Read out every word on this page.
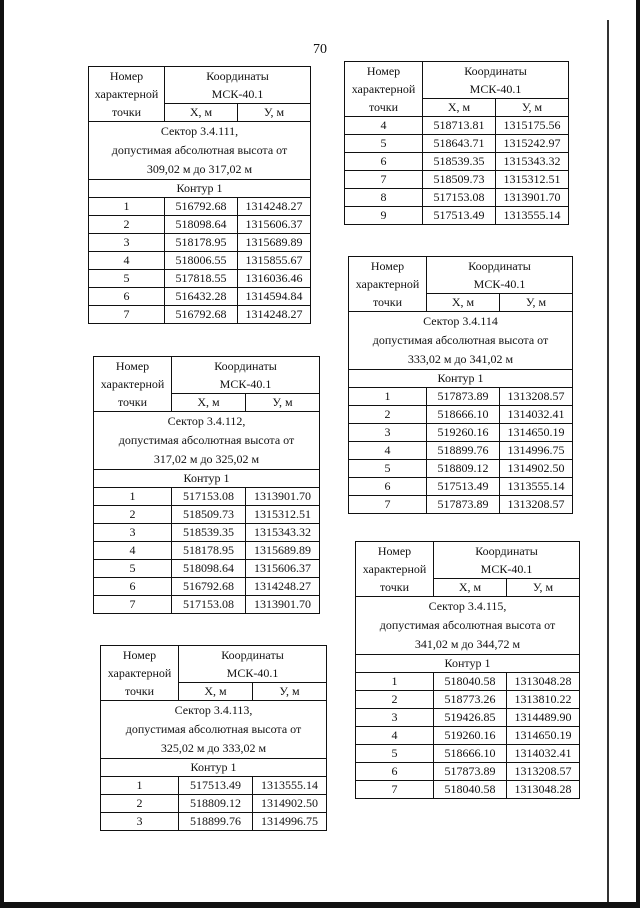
70
Номер
характерной
точки	Координаты
МСК-40.1	

	X, м	У, м

Сектор 3.4.111,
допустимая абсолютная высота от
309,02 м до 317,02 м		

Контур 1		
1	516792.68	1314248.27
2	518098.64	1315606.37
3	518178.95	1315689.89
4	518006.55	1315855.67
5	517818.55	1316036.46
6	516432.28	1314594.84
7	516792.68	1314248.27
Номер
характерной
точки	Координаты
МСК-40.1	

	X, м	У, м

Сектор 3.4.112,
допустимая абсолютная высота от
317,02 м до 325,02 м		

Контур 1		
1	517153.08	1313901.70
2	518509.73	1315312.51
3	518539.35	1315343.32
4	518178.95	1315689.89
5	518098.64	1315606.37
6	516792.68	1314248.27
7	517153.08	1313901.70
Номер
характерной
точки	Координаты
МСК-40.1	

	X, м	У, м

Сектор 3.4.113,
допустимая абсолютная высота от
325,02 м до 333,02 м		

Контур 1		
1	517513.49	1313555.14
2	518809.12	1314902.50
3	518899.76	1314996.75
Номер
характерной
точки	Координаты
МСК-40.1	

	X, м	У, м
4	518713.81	1315175.56
5	518643.71	1315242.97
6	518539.35	1315343.32
7	518509.73	1315312.51
8	517153.08	1313901.70
9	517513.49	1313555.14
Номер
характерной
точки	Координаты
МСК-40.1	

	X, м	У, м

Сектор 3.4.114
допустимая абсолютная высота от
333,02 м до 341,02 м		

Контур 1		
1	517873.89	1313208.57
2	518666.10	1314032.41
3	519260.16	1314650.19
4	518899.76	1314996.75
5	518809.12	1314902.50
6	517513.49	1313555.14
7	517873.89	1313208.57
Номер
характерной
точки	Координаты
МСК-40.1	

	X, м	У, м

Сектор 3.4.115,
допустимая абсолютная высота от
341,02 м до 344,72 м		

Контур 1		
1	518040.58	1313048.28
2	518773.26	1313810.22
3	519426.85	1314489.90
4	519260.16	1314650.19
5	518666.10	1314032.41
6	517873.89	1313208.57
7	518040.58	1313048.28
